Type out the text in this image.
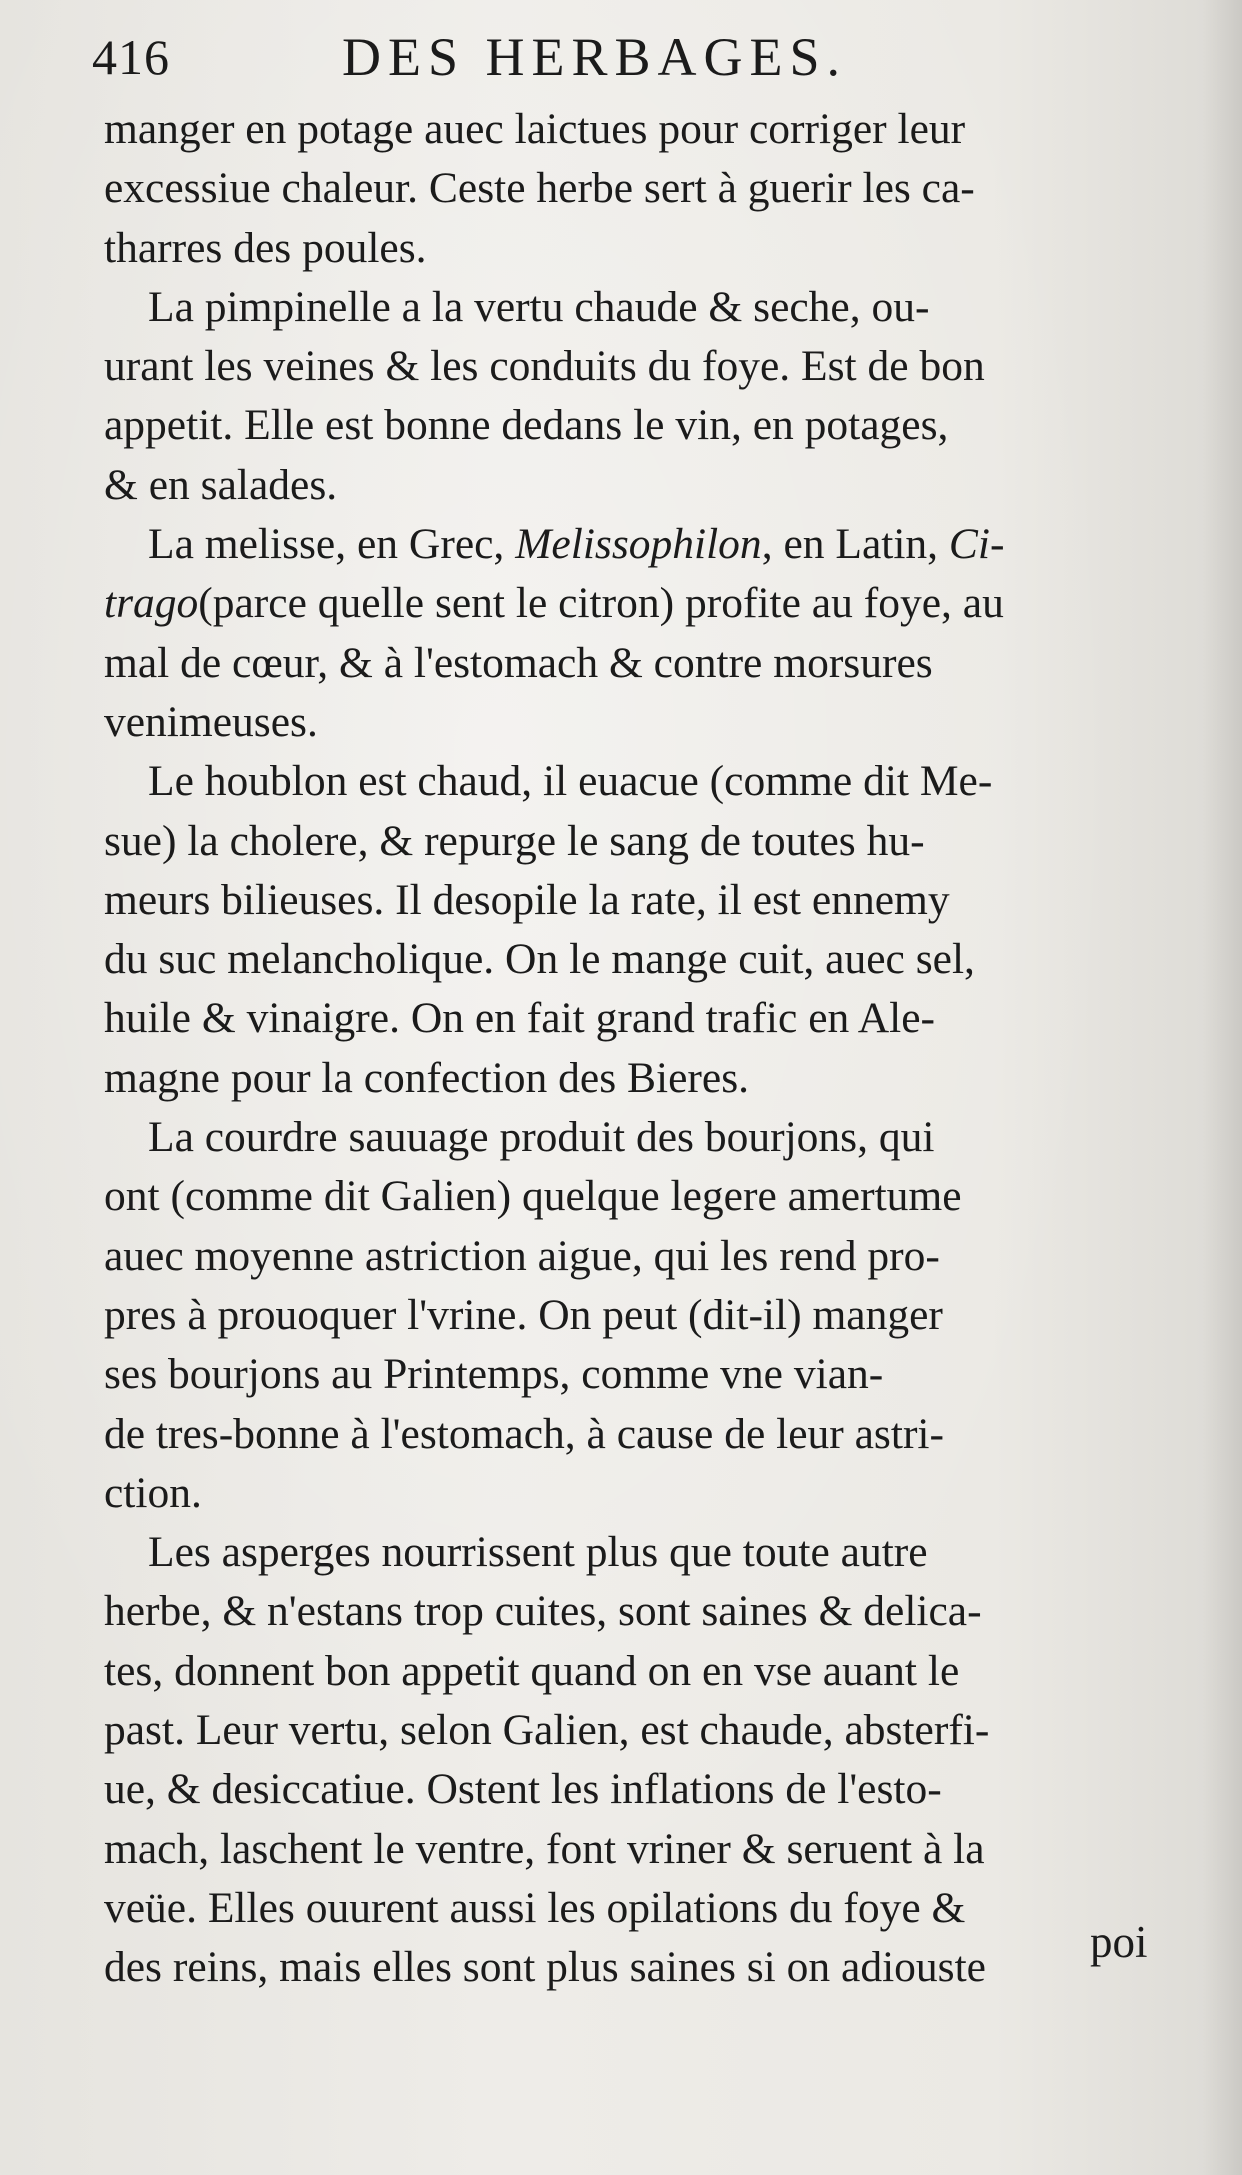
416	DES HERBAGES.
manger en potage auec laictues pour corriger leur
excessiue chaleur. Ceste herbe sert à guerir les ca-
tharres des poules.
La pimpinelle a la vertu chaude & seche, ou-
urant les veines & les conduits du foye. Est de bon
appetit. Elle est bonne dedans le vin, en potages,
& en salades.
La melisse, en Grec, Melissophilon, en Latin, Ci-
trago(parce quelle sent le citron) profite au foye, au
mal de cœur, & à l'estomach & contre morsures
venimeuses.
Le houblon est chaud, il euacue (comme dit Me-
sue) la cholere, & repurge le sang de toutes hu-
meurs bilieuses. Il desopile la rate, il est ennemy
du suc melancholique. On le mange cuit, auec sel,
huile & vinaigre. On en fait grand trafic en Ale-
magne pour la confection des Bieres.
La courdre sauuage produit des bourjons, qui
ont (comme dit Galien) quelque legere amertume
auec moyenne astriction aigue, qui les rend pro-
pres à prouoquer l'vrine. On peut (dit-il) manger
ses bourjons au Printemps, comme vne vian-
de tres-bonne à l'estomach, à cause de leur astri-
ction.
Les asperges nourrissent plus que toute autre
herbe, & n'estans trop cuites, sont saines & delica-
tes, donnent bon appetit quand on en vse auant le
past. Leur vertu, selon Galien, est chaude, absterfi-
ue, & desiccatiue. Ostent les inflations de l'esto-
mach, laschent le ventre, font vriner & seruent à la
veüe. Elles ouurent aussi les opilations du foye &
des reins, mais elles sont plus saines si on adiouste
poi
